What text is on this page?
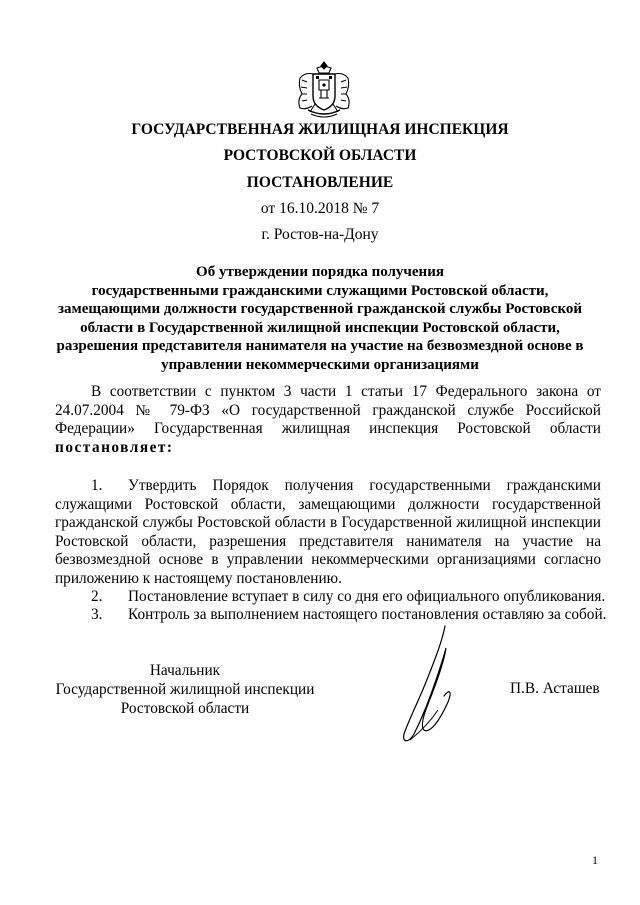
ГОСУДАРСТВЕННАЯ ЖИЛИЩНАЯ ИНСПЕКЦИЯ
РОСТОВСКОЙ ОБЛАСТИ
ПОСТАНОВЛЕНИЕ
от 16.10.2018 № 7
г. Ростов-на-Дону
Об утверждении порядка получения
государственными гражданскими служащими Ростовской области,
замещающими должности государственной гражданской службы Ростовской
области в Государственной жилищной инспекции Ростовской области,
разрешения представителя нанимателя на участие на безвозмездной основе в
управлении некоммерческими организациями
В соответствии с пунктом 3 части 1 статьи 17 Федерального закона от
24.07.2004 № 79-ФЗ «О государственной гражданской службе Российской
Федерации» Государственная жилищная инспекция Ростовской области
постановляет:
1.	Утвердить Порядок получения государственными гражданскими
служащими Ростовской области, замещающими должности государственной
гражданской службы Ростовской области в Государственной жилищной инспекции
Ростовской области, разрешения представителя нанимателя на участие на
безвозмездной основе в управлении некоммерческими организациями согласно
приложению к настоящему постановлению.
2.	Постановление вступает в силу со дня его официального опубликования.
3.	Контроль за выполнением настоящего постановления оставляю за собой.
Начальник
Государственной жилищной инспекции
Ростовской области
П.В. Асташев
1
